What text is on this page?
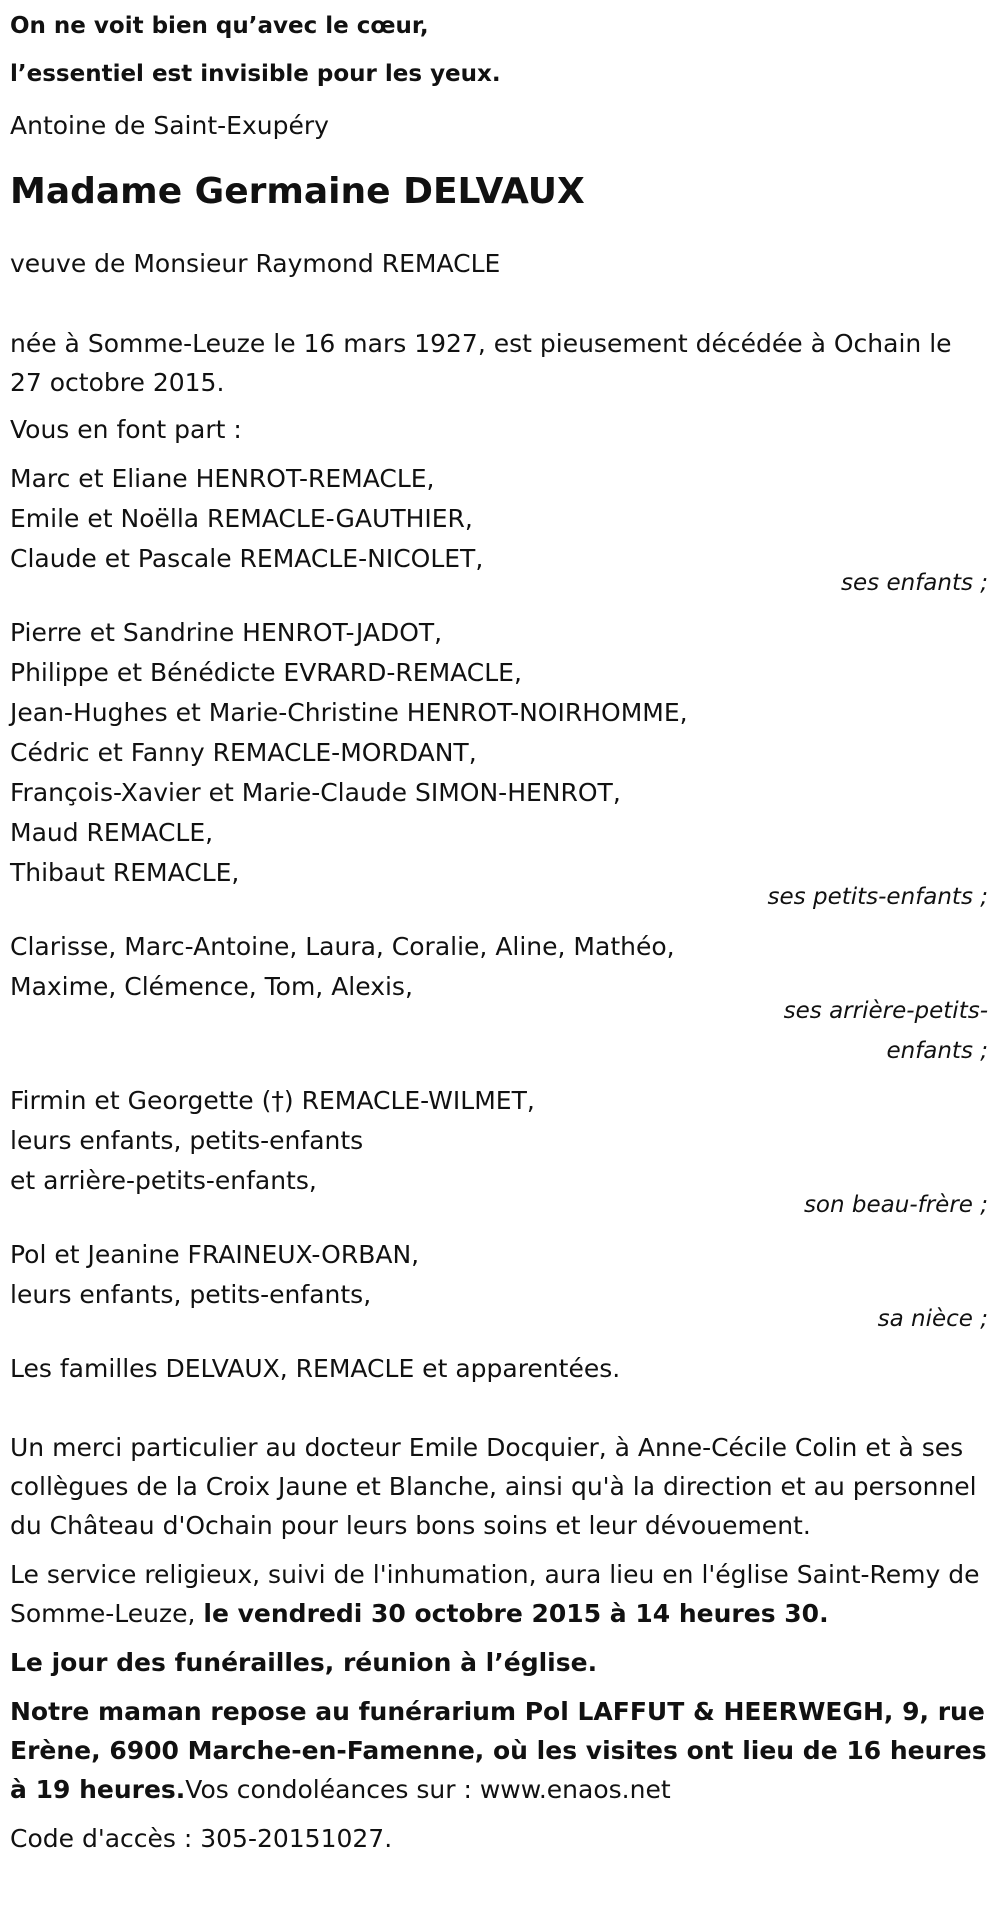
On ne voit bien qu’avec le cœur,

l’essentiel est invisible pour les yeux.

Antoine de Saint-Exupéry

Madame Germaine DELVAUX

veuve de Monsieur Raymond REMACLE

née à Somme-Leuze le 16 mars 1927, est pieusement décédée à Ochain le 27 octobre 2015.

Vous en font part :

Marc et Eliane HENROT-REMACLE,
Emile et Noëlla REMACLE-GAUTHIER,
Claude et Pascale REMACLE-NICOLET,
ses enfants ;
Pierre et Sandrine HENROT-JADOT,
Philippe et Bénédicte EVRARD-REMACLE,
Jean-Hughes et Marie-Christine HENROT-NOIRHOMME,
Cédric et Fanny REMACLE-MORDANT,
François-Xavier et Marie-Claude SIMON-HENROT,
Maud REMACLE,
Thibaut REMACLE,
ses petits-enfants ;
Clarisse, Marc-Antoine, Laura, Coralie, Aline, Mathéo,
Maxime, Clémence, Tom, Alexis,
ses arrière-petits-enfants ;
Firmin et Georgette (†) REMACLE-WILMET,
leurs enfants, petits-enfants
et arrière-petits-enfants,
son beau-frère ;
Pol et Jeanine FRAINEUX-ORBAN,
leurs enfants, petits-enfants,
sa nièce ;

Les familles DELVAUX, REMACLE et apparentées.

Un merci particulier au docteur Emile Docquier, à Anne-Cécile Colin et à ses collègues de la Croix Jaune et Blanche, ainsi qu'à la direction et au personnel du Château d'Ochain pour leurs bons soins et leur dévouement.

Le service religieux, suivi de l'inhumation, aura lieu en l'église Saint-Remy de Somme-Leuze, le vendredi 30 octobre 2015 à 14 heures 30.

Le jour des funérailles, réunion à l’église.

Notre maman repose au funérarium Pol LAFFUT & HEERWEGH, 9, rue Erène, 6900 Marche-en-Famenne, où les visites ont lieu de 16 heures à 19 heures.Vos condoléances sur : www.enaos.net

Code d'accès : 305-20151027.
